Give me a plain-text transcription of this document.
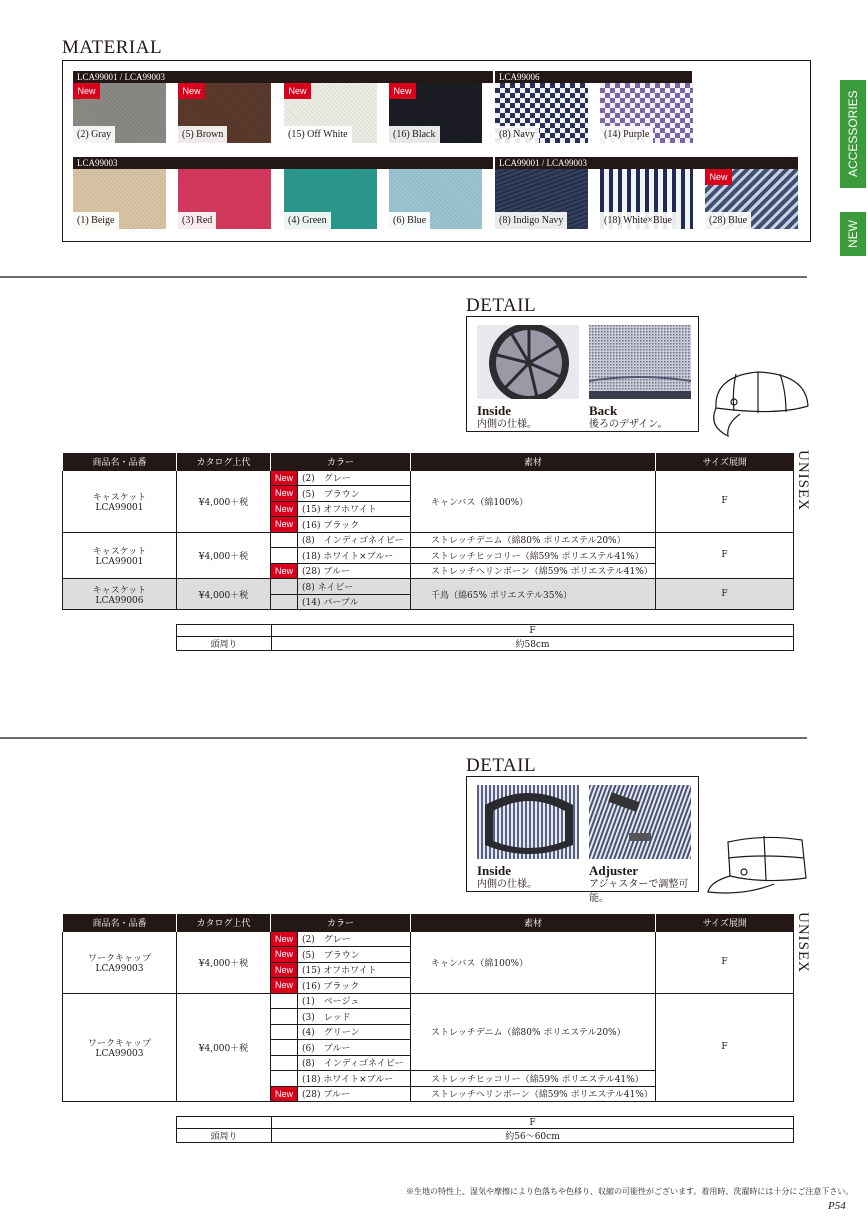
MATERIAL
LCA99001 / LCA99003
New
(2) Gray
New
(5) Brown
New
(15) Off White
New
(16) Black
LCA99006
(8) Navy	(14) Purple
LCA99003
(1) Beige	(3) Red	(4) Green	(6) Blue
LCA99001 / LCA99003
(8) Indigo Navy	(18) White×Blue
New
(28) Blue
ACCESSORIES
NEW
DETAIL
Inside
内側の仕様。
Back
後ろのデザイン。
UNISEX
商品名・品番	カタログ上代	カラー		素材	サイズ展開
キャスケット
LCA99001	¥4,000＋税	New	(2)　グレー	キャンバス（綿100%）	F
		New	(5)　ブラウン		
		New	(15) オフホワイト		
		New	(16) ブラック		
キャスケット
LCA99001	¥4,000＋税		(8)　インディゴネイビー	ストレッチデニム（綿80% ポリエステル20%）	F
			(18) ホワイト×ブルー	ストレッチヒッコリー（綿59% ポリエステル41%）	
		New	(28) ブルー	ストレッチヘリンボーン（綿59% ポリエステル41%）	
キャスケット
LCA99006	¥4,000＋税		(8) ネイビー	千鳥（綿65% ポリエステル35%）	F
			(14) パープル		
	F
頭周り	約58cm
DETAIL
Inside
内側の仕様。
Adjuster
アジャスターで調整可能。
UNISEX
商品名・品番	カタログ上代	カラー		素材	サイズ展開
ワークキャップ
LCA99003	¥4,000＋税	New	(2)　グレー	キャンバス（綿100%）	F
		New	(5)　ブラウン		
		New	(15) オフホワイト		
		New	(16) ブラック		
ワークキャップ
LCA99003	¥4,000＋税		(1)　ベージュ	ストレッチデニム（綿80% ポリエステル20%）	F
			(3)　レッド		
			(4)　グリーン		
			(6)　ブルー		
			(8)　インディゴネイビー		
			(18) ホワイト×ブルー	ストレッチヒッコリー（綿59% ポリエステル41%）	
		New	(28) ブルー	ストレッチヘリンボーン（綿59% ポリエステル41%）	
	F
頭周り	約56～60cm
※生地の特性上、湿気や摩擦により色落ちや色移り、収縮の可能性がございます。着用時、洗濯時には十分にご注意下さい。
P54
